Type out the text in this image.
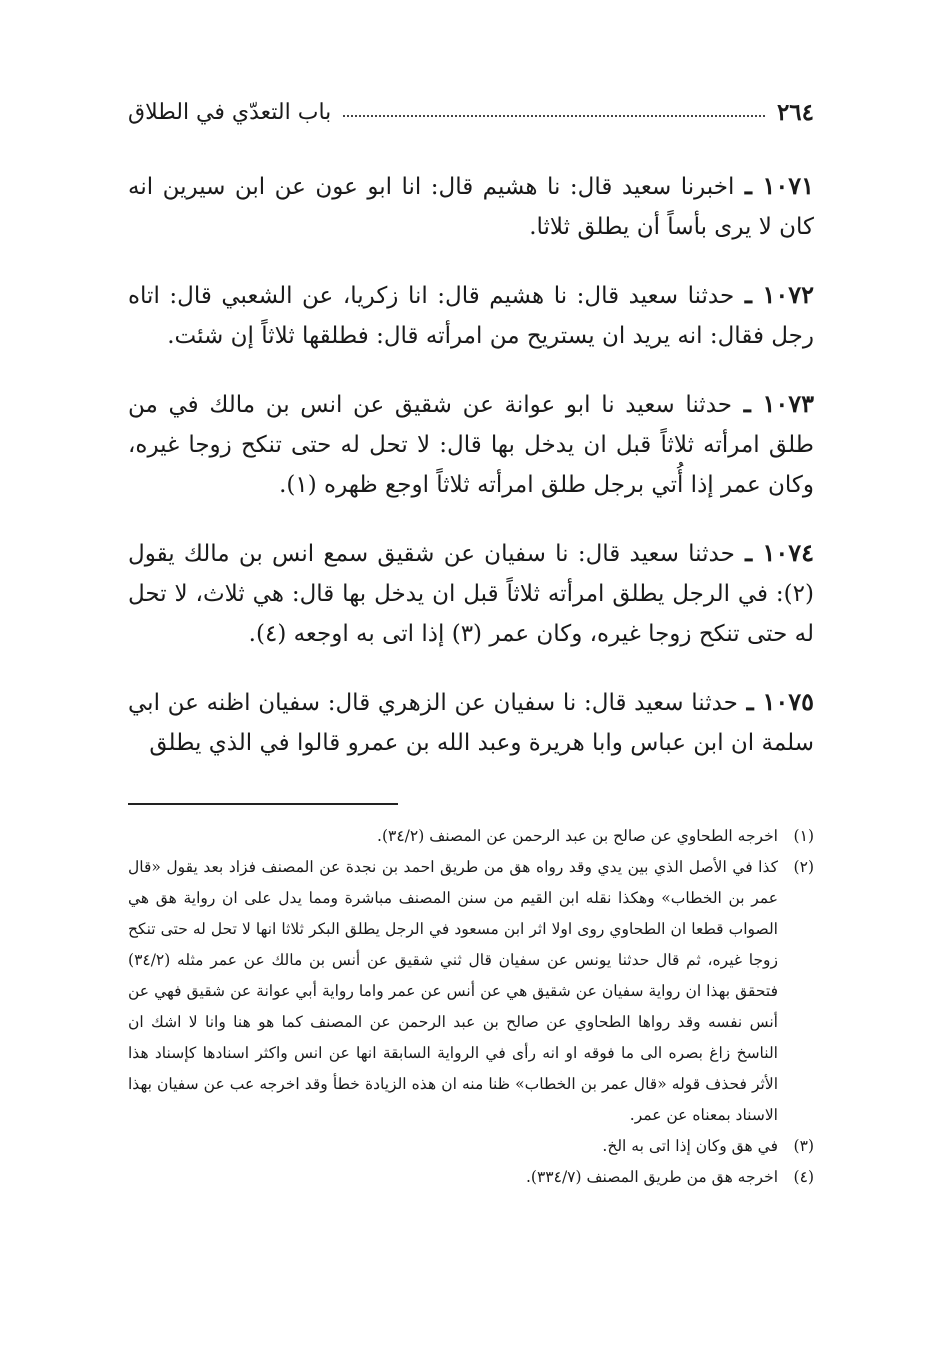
٢٦٤
باب التعدّي في الطلاق

١٠٧١ ـ اخبرنا سعيد قال: نا هشيم قال: انا ابو عون عن ابن سيرين انه كان لا يرى بأساً أن يطلق ثلاثا.

١٠٧٢ ـ حدثنا سعيد قال: نا هشيم قال: انا زكريا، عن الشعبي قال: اتاه رجل فقال: انه يريد ان يستريح من امرأته قال: فطلقها ثلاثاً إن شئت.

١٠٧٣ ـ حدثنا سعيد نا ابو عوانة عن شقيق عن انس بن مالك في من طلق امرأته ثلاثاً قبل ان يدخل بها قال: لا تحل له حتى تنكح زوجا غيره، وكان عمر إذا أُتي برجل طلق امرأته ثلاثاً اوجع ظهره (١).

١٠٧٤ ـ حدثنا سعيد قال: نا سفيان عن شقيق سمع انس بن مالك يقول (٢): في الرجل يطلق امرأته ثلاثاً قبل ان يدخل بها قال: هي ثلاث، لا تحل له حتى تنكح زوجا غيره، وكان عمر (٣) إذا اتى به اوجعه (٤).

١٠٧٥ ـ حدثنا سعيد قال: نا سفيان عن الزهري قال: سفيان اظنه عن ابي سلمة ان ابن عباس وابا هريرة وعبد الله بن عمرو قالوا في الذي يطلق

(١)
اخرجه الطحاوي عن صالح بن عبد الرحمن عن المصنف (٣٤/٢).
(٢)
كذا في الأصل الذي بين يدي وقد رواه هق من طريق احمد بن نجدة عن المصنف فزاد بعد يقول «قال عمر بن الخطاب» وهكذا نقله ابن القيم من سنن المصنف مباشرة ومما يدل على ان رواية هق هي الصواب قطعا ان الطحاوي روى اولا اثر ابن مسعود في الرجل يطلق البكر ثلاثا انها لا تحل له حتى تنكح زوجا غيره، ثم قال حدثنا يونس عن سفيان قال ثني شقيق عن أنس بن مالك عن عمر مثله (٣٤/٢) فتحقق بهذا ان رواية سفيان عن شقيق هي عن أنس عن عمر واما رواية أبي عوانة عن شقيق فهي عن أنس نفسه وقد رواها الطحاوي عن صالح بن عبد الرحمن عن المصنف كما هو هنا وانا لا اشك ان الناسخ زاغ بصره الى ما فوقه او انه رأى في الرواية السابقة انها عن انس واكثر اسنادها كإسناد هذا الأثر فحذف قوله «قال عمر بن الخطاب» ظنا منه ان هذه الزيادة خطأ وقد اخرجه عب عن سفيان بهذا الاسناد بمعناه عن عمر.
(٣)
في هق وكان إذا اتى به الخ.
(٤)
اخرجه هق من طريق المصنف (٣٣٤/٧).
